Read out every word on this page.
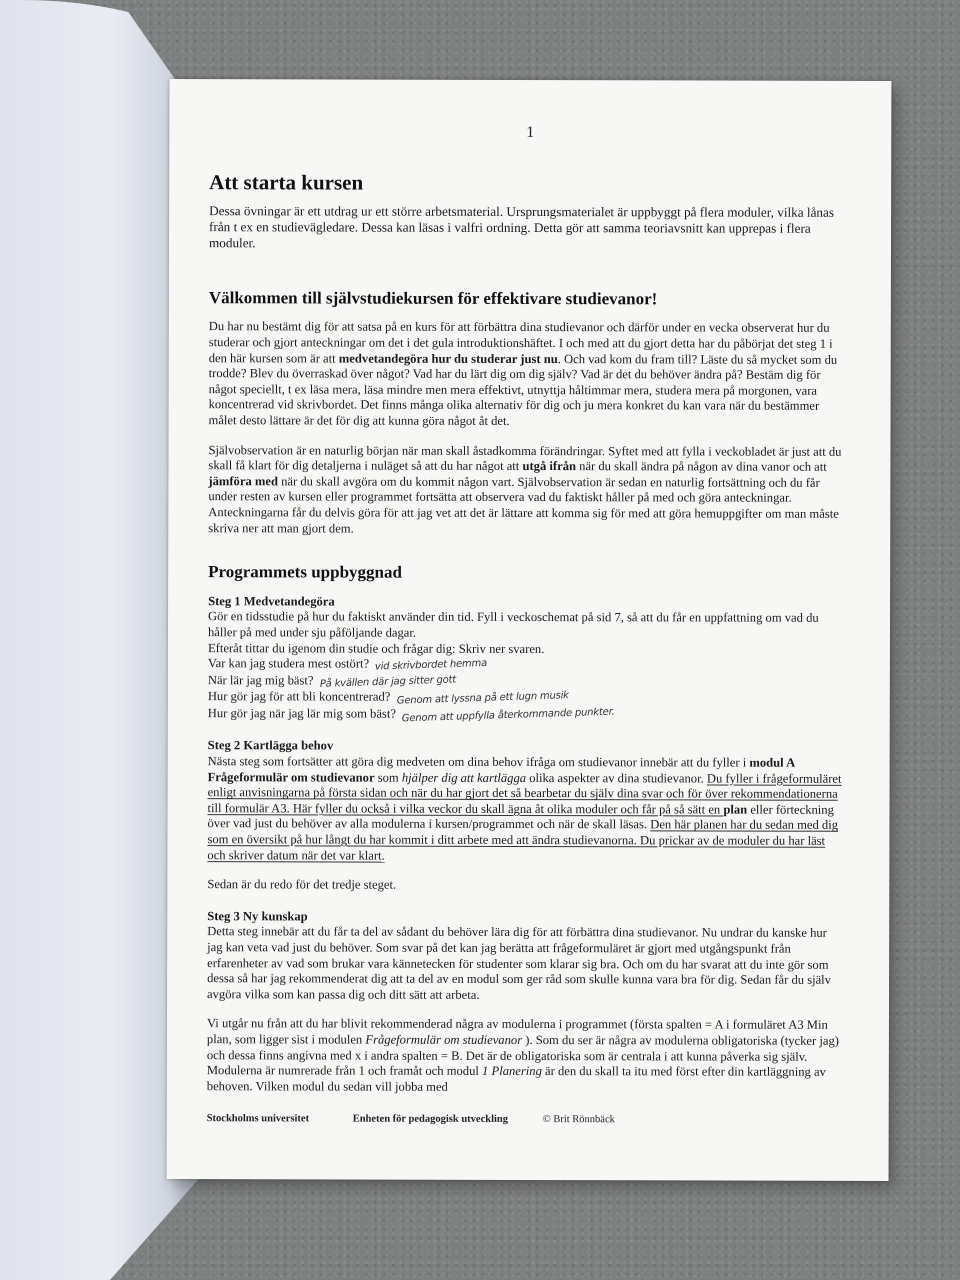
1
Att starta kursen

Dessa övningar är ett utdrag ur ett större arbetsmaterial. Ursprungsmaterialet är uppbyggt på flera moduler, vilka lånas från t ex en studievägledare. Dessa kan läsas i valfri ordning. Detta gör att samma teoriavsnitt kan upprepas i flera moduler.

Välkommen till självstudiekursen för effektivare studievanor!

Du har nu bestämt dig för att satsa på en kurs för att förbättra dina studievanor och därför under en vecka observerat hur du studerar och gjort anteckningar om det i det gula introduktionshäftet. I och med att du gjort detta har du påbörjat det steg 1 i den här kursen som är att medvetandegöra hur du studerar just nu. Och vad kom du fram till? Läste du så mycket som du trodde? Blev du överraskad över något? Vad har du lärt dig om dig själv? Vad är det du behöver ändra på? Bestäm dig för något speciellt, t ex läsa mera, läsa mindre men mera effektivt, utnyttja håltimmar mera, studera mera på morgonen, vara koncentrerad vid skrivbordet. Det finns många olika alternativ för dig och ju mera konkret du kan vara när du bestämmer målet desto lättare är det för dig att kunna göra något åt det.

Självobservation är en naturlig början när man skall åstadkomma förändringar. Syftet med att fylla i veckobladet är just att du skall få klart för dig detaljerna i nuläget så att du har något att utgå ifrån när du skall ändra på någon av dina vanor och att jämföra med när du skall avgöra om du kommit någon vart. Självobservation är sedan en naturlig fortsättning och du får under resten av kursen eller programmet fortsätta att observera vad du faktiskt håller på med och göra anteckningar. Anteckningarna får du delvis göra för att jag vet att det är lättare att komma sig för med att göra hemuppgifter om man måste skriva ner att man gjort dem.

Programmets uppbyggnad

Steg 1 Medvetandegöra

Gör en tidsstudie på hur du faktiskt använder din tid. Fyll i veckoschemat på sid 7, så att du får en uppfattning om vad du håller på med under sju påföljande dagar.

Efteråt tittar du igenom din studie och frågar dig: Skriv ner svaren.

Var kan jag studera mest ostört? vid skrivbordet hemma
När lär jag mig bäst? På kvällen där jag sitter gott
Hur gör jag för att bli koncentrerad? Genom att lyssna på ett lugn musik
Hur gör jag när jag lär mig som bäst? Genom att uppfylla återkommande punkter.

Steg 2 Kartlägga behov

Nästa steg som fortsätter att göra dig medveten om dina behov ifråga om studievanor innebär att du fyller i modul A Frågeformulär om studievanor som hjälper dig att kartlägga olika aspekter av dina studievanor. Du fyller i frågeformuläret enligt anvisningarna på första sidan och när du har gjort det så bearbetar du själv dina svar och för över rekommendationerna till formulär A3. Här fyller du också i vilka veckor du skall ägna åt olika moduler och får på så sätt en plan eller förteckning över vad just du behöver av alla modulerna i kursen/programmet och när de skall läsas. Den här planen har du sedan med dig som en översikt på hur långt du har kommit i ditt arbete med att ändra studievanorna. Du prickar av de moduler du har läst och skriver datum när det var klart.

Sedan är du redo för det tredje steget.

Steg 3 Ny kunskap

Detta steg innebär att du får ta del av sådant du behöver lära dig för att förbättra dina studievanor. Nu undrar du kanske hur jag kan veta vad just du behöver. Som svar på det kan jag berätta att frågeformuläret är gjort med utgångspunkt från erfarenheter av vad som brukar vara kännetecken för studenter som klarar sig bra. Och om du har svarat att du inte gör som dessa så har jag rekommenderat dig att ta del av en modul som ger råd som skulle kunna vara bra för dig. Sedan får du själv avgöra vilka som kan passa dig och ditt sätt att arbeta.

Vi utgår nu från att du har blivit rekommenderad några av modulerna i programmet (första spalten = A i formuläret A3 Min plan, som ligger sist i modulen Frågeformulär om studievanor ). Som du ser är några av modulerna obligatoriska (tycker jag) och dessa finns angivna med x i andra spalten = B. Det är de obligatoriska som är centrala i att kunna påverka sig själv. Modulerna är numrerade från 1 och framåt och modul 1 Planering är den du skall ta itu med först efter din kartläggning av behoven. Vilken modul du sedan vill jobba med

Stockholms universitet	Enheten för pedagogisk utveckling	© Brit Rönnbäck
